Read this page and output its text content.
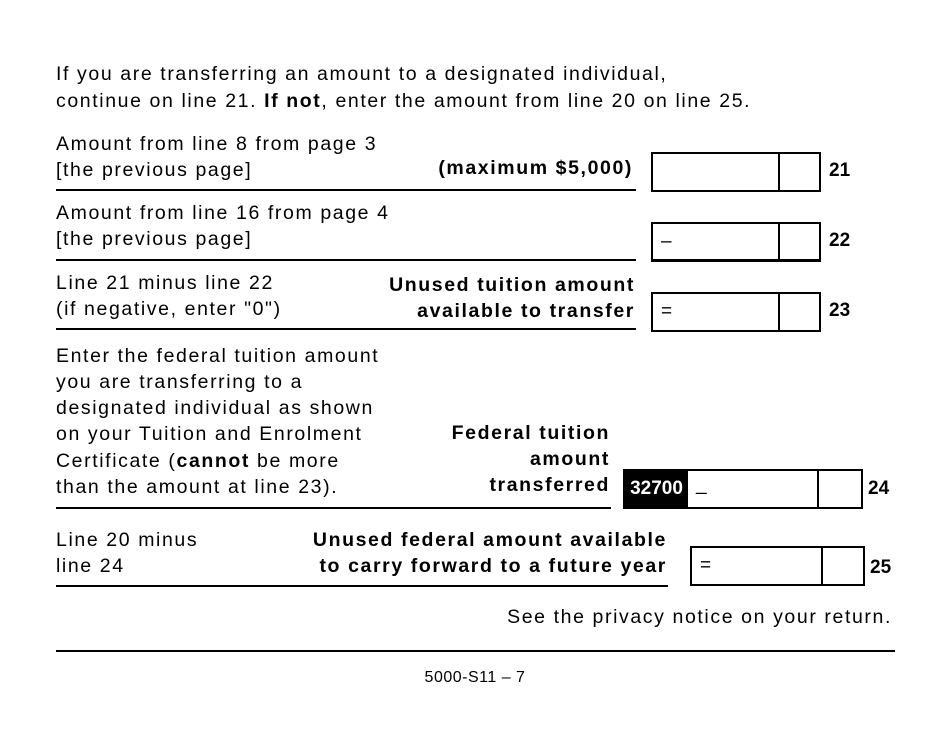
If you are transferring an amount to a designated individual,
continue on line 21. If not, enter the amount from line 20 on line 25.
Amount from line 8 from page 3
[the previous page]	(maximum $5,000)	21
Amount from line 16 from page 4
[the previous page]	–	22
Line 21 minus line 22
(if negative, enter "0")
Unused tuition amount
available to transfer =	23
Enter the federal tuition amount
you are transferring to a
designated individual as shown
on your Tuition and Enrolment
Certificate (cannot be more
than the amount at line 23).
Federal tuition
amount
transferred	32700 _	24
Line 20 minus
line 24
Unused federal amount available
to carry forward to a future year =	25
See the privacy notice on your return.
5000-S11 – 7
